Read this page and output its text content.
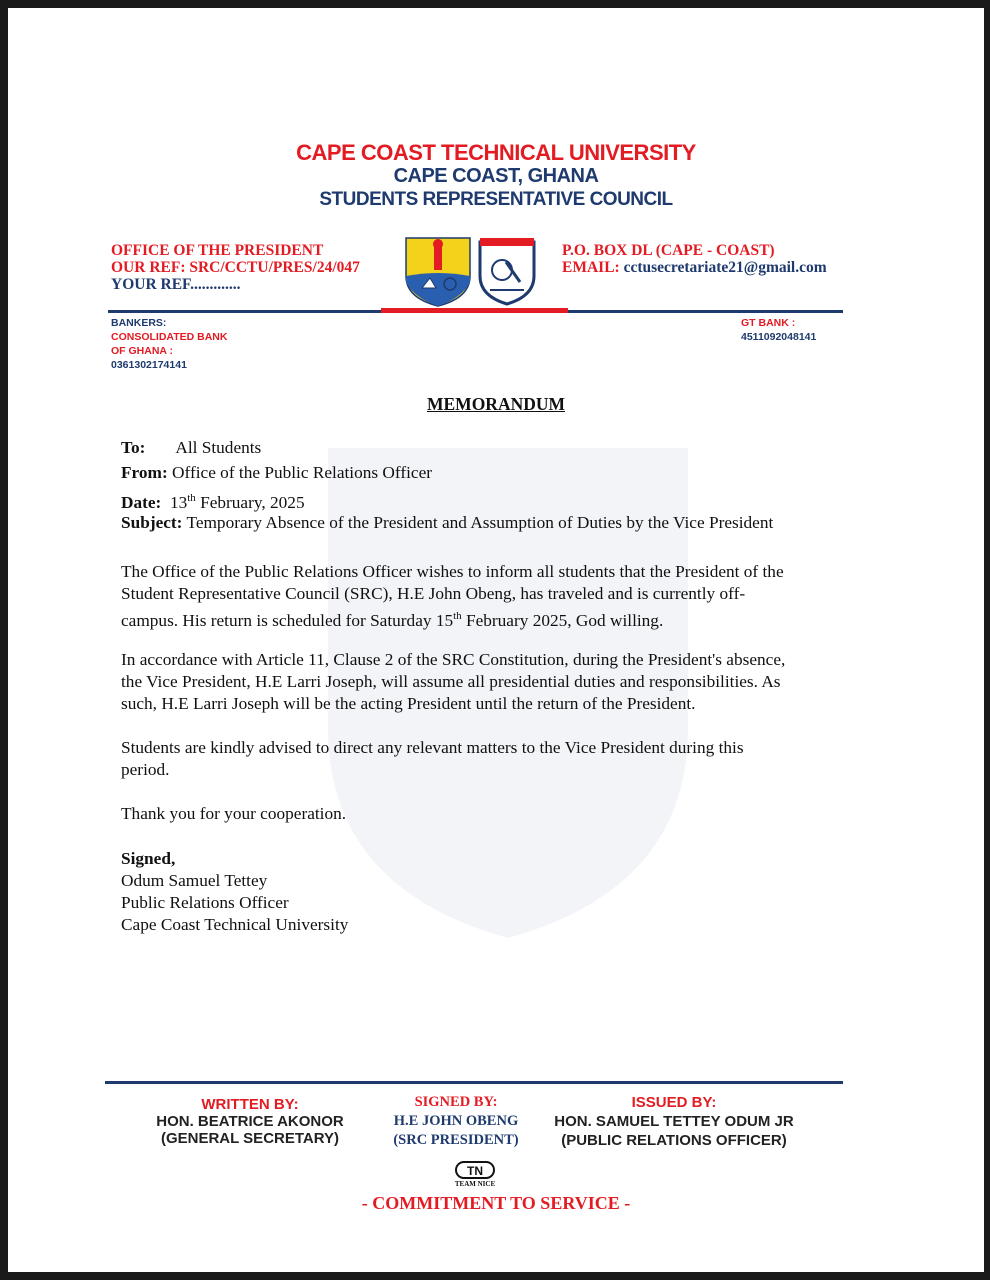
CAPE COAST TECHNICAL UNIVERSITY
CAPE COAST, GHANA
STUDENTS REPRESENTATIVE COUNCIL
OFFICE OF THE PRESIDENT
OUR REF: SRC/CCTU/PRES/24/047
YOUR REF.............
P.O. BOX DL (CAPE - COAST)
EMAIL: cctusecretariate21@gmail.com
BANKERS:
CONSOLIDATED BANK
OF GHANA :
0361302174141
GT BANK :
4511092048141
MEMORANDUM
To: All Students
From: Office of the Public Relations Officer
Date: 13th February, 2025
Subject: Temporary Absence of the President and Assumption of Duties by the Vice President
The Office of the Public Relations Officer wishes to inform all students that the President of the
Student Representative Council (SRC), H.E John Obeng, has traveled and is currently off-
campus. His return is scheduled for Saturday 15th February 2025, God willing.
In accordance with Article 11, Clause 2 of the SRC Constitution, during the President's absence,
the Vice President, H.E Larri Joseph, will assume all presidential duties and responsibilities. As
such, H.E Larri Joseph will be the acting President until the return of the President.
Students are kindly advised to direct any relevant matters to the Vice President during this
period.
Thank you for your cooperation.
Signed,
Odum Samuel Tettey
Public Relations Officer
Cape Coast Technical University
WRITTEN BY:
HON. BEATRICE AKONOR
(GENERAL SECRETARY)
SIGNED BY:
H.E JOHN OBENG
(SRC PRESIDENT)
ISSUED BY:
HON. SAMUEL TETTEY ODUM JR
(PUBLIC RELATIONS OFFICER)
TN
TEAM NICE
- COMMITMENT TO SERVICE -
